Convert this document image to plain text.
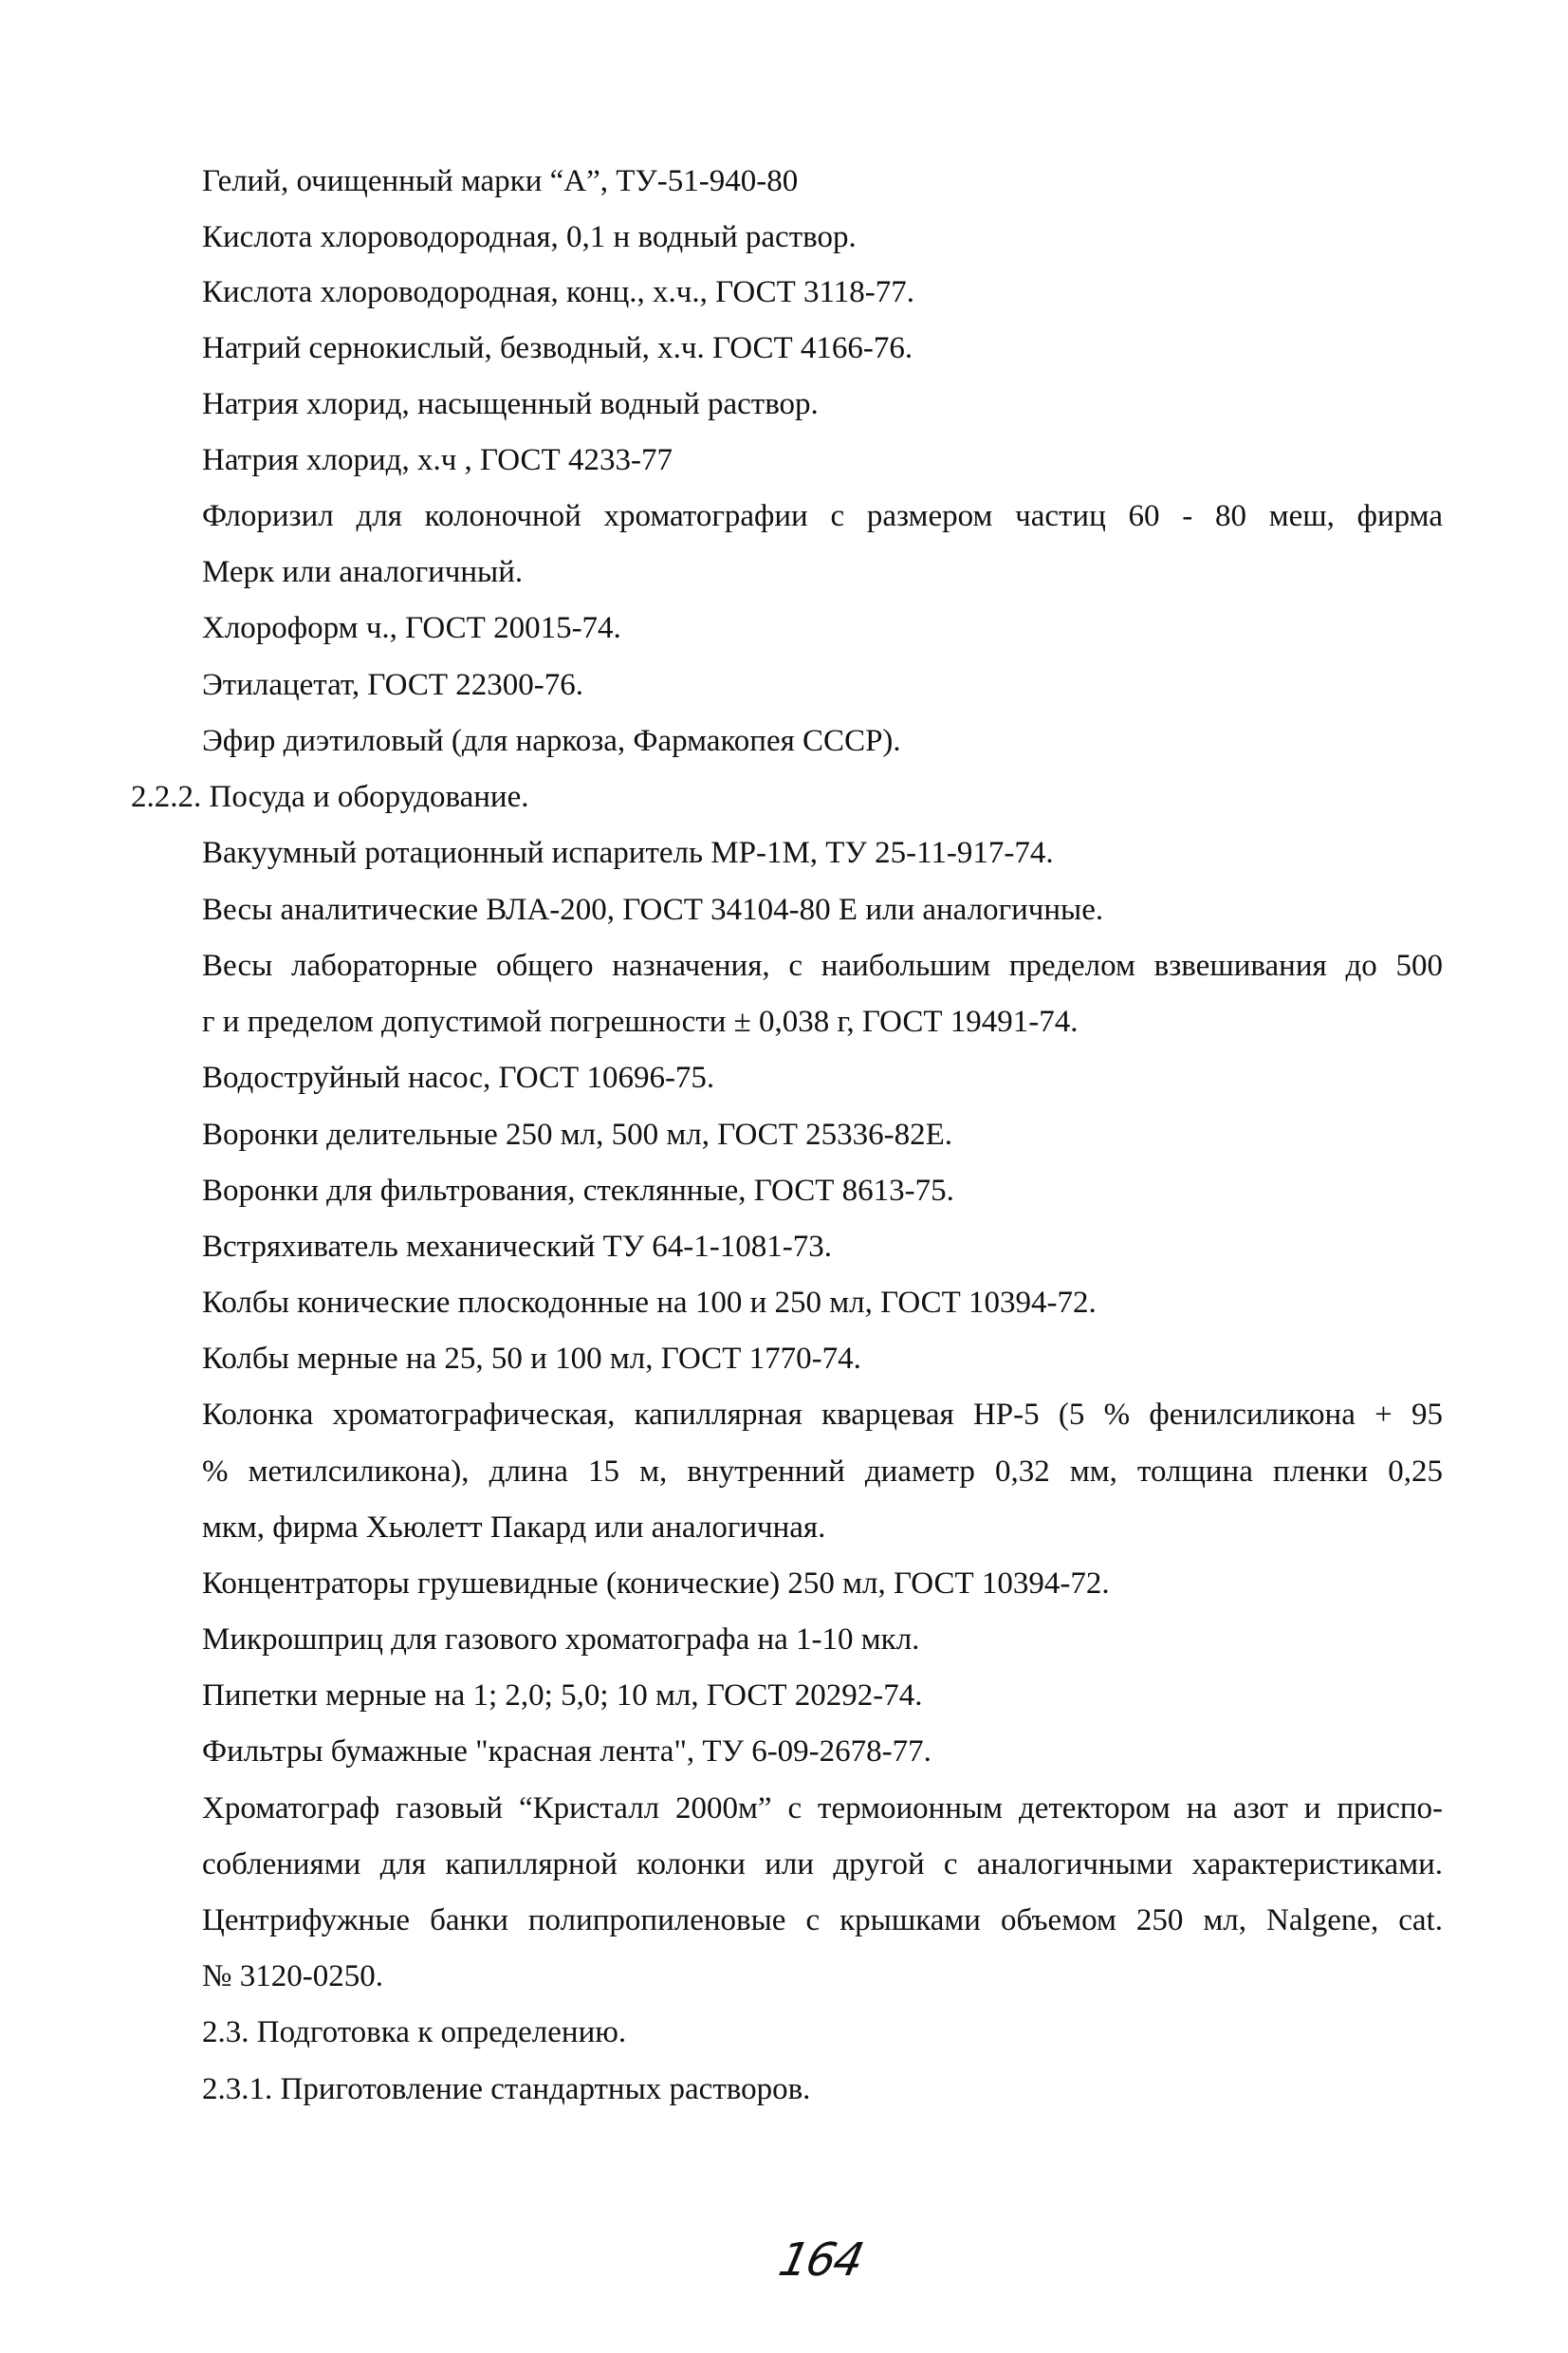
Гелий, очищенный марки “А”, ТУ-51-940-80
Кислота хлороводородная, 0,1 н водный раствор.
Кислота хлороводородная, конц., х.ч., ГОСТ 3118-77.
Натрий сернокислый, безводный, х.ч. ГОСТ 4166-76.
Натрия хлорид, насыщенный водный раствор.
Натрия хлорид, х.ч , ГОСТ 4233-77
Флоризил для колоночной хроматографии с размером частиц 60 - 80 меш, фирма
Мерк или аналогичный.
Хлороформ ч., ГОСТ 20015-74.
Этилацетат, ГОСТ 22300-76.
Эфир диэтиловый (для наркоза, Фармакопея СССР).
2.2.2. Посуда и оборудование.
Вакуумный ротационный испаритель МР-1М, ТУ 25-11-917-74.
Весы аналитические ВЛА-200, ГОСТ 34104-80 Е или аналогичные.
Весы лабораторные общего назначения, с наибольшим пределом взвешивания до 500
г и пределом допустимой погрешности ± 0,038 г, ГОСТ 19491-74.
Водоструйный насос, ГОСТ 10696-75.
Воронки делительные 250 мл, 500 мл, ГОСТ 25336-82Е.
Воронки для фильтрования, стеклянные, ГОСТ 8613-75.
Встряхиватель механический ТУ 64-1-1081-73.
Колбы конические плоскодонные на 100 и 250 мл, ГОСТ 10394-72.
Колбы мерные на 25, 50 и 100 мл, ГОСТ 1770-74.
Колонка хроматографическая, капиллярная кварцевая HP-5 (5 % фенилсиликона + 95
% метилсиликона), длина 15 м, внутренний диаметр 0,32 мм, толщина пленки 0,25
мкм, фирма Хьюлетт Пакард или аналогичная.
Концентраторы грушевидные (конические) 250 мл, ГОСТ 10394-72.
Микрошприц для газового хроматографа на 1-10 мкл.
Пипетки мерные на 1; 2,0; 5,0; 10 мл, ГОСТ 20292-74.
Фильтры бумажные "красная лента", ТУ 6-09-2678-77.
Хроматограф газовый “Кристалл 2000м” с термоионным детектором на азот и приспо-
соблениями для капиллярной колонки или другой с аналогичными характеристиками.
Центрифужные банки полипропиленовые с крышками объемом 250 мл, Nalgene, cat.
№ 3120-0250.
2.3. Подготовка к определению.
2.3.1. Приготовление стандартных растворов.
164
